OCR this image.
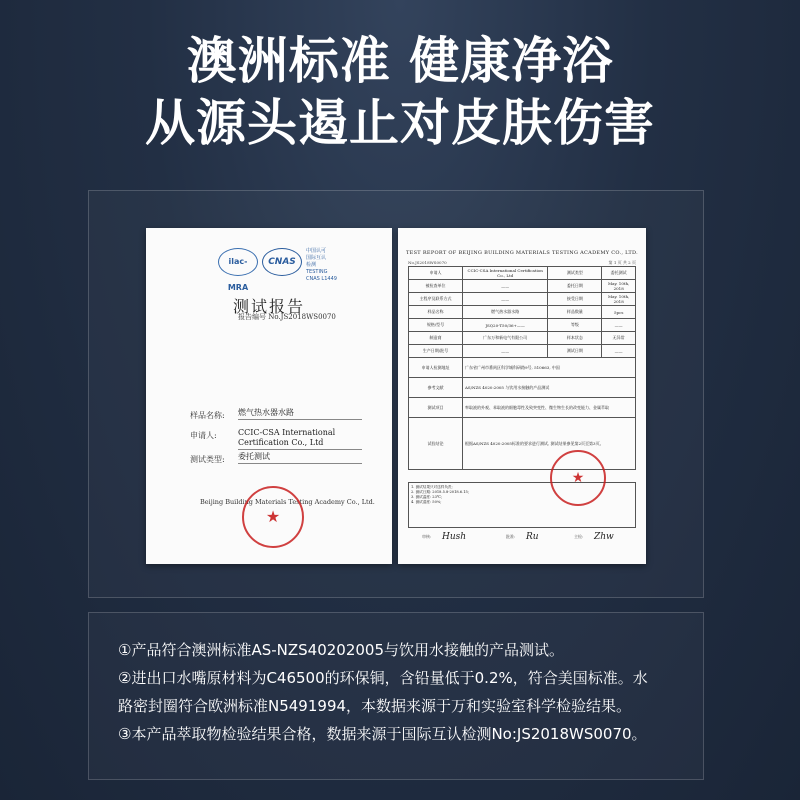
澳洲标准 健康净浴
从源头遏止对皮肤伤害
ilac-MRA
CNAS
中国认可
国际互认
检测
TESTING
CNAS L1449
测试报告
报告编号 No.JS2018WS0070
样品名称: 燃气热水器水路
申请人:	CCIC-CSA International Certification Co., Ltd
测试类型: 委托测试
Beijing Building Materials Testing Academy Co., Ltd.
★
TEST REPORT OF BEIJING BUILDING MATERIALS TESTING ACADEMY CO., LTD.
No.JS2018WS0070	第 1 页 共 2 页
申请人	CCIC-CSA International Certification Co., Ltd	测试类型	委托测试
被检查单位	——	委托日期	May. 10th, 2018
主程序及联系方式	——	接受日期	May. 10th, 2018
样品名称	燃气热水器水路	样品数量	5pcs
规格/型号	JSQ20-T50/36+——	等级	——
制造商	广东万和新电气有限公司	样本状态	无异常
生产日期/批号	——	测试日期	——
申请人检测地址	广东省广州市番禺区科学城科研路9号, 510663, 中国		
参考文献	AS/NZS 4020:2005 与饮用水接触的产品测试		
测试项目	率取液的外观、苯取液的细胞毒性及致突变性、微生物生长的改变能力、金属萃取		
试验结论	根据AS/NZS 4020:2005标准的要求进行测试, 测试结果参见第2页至第3页。		
1. 测试结果只对送样负责;
2. 测试日期: 2018.5.8-2018.6.15;
3. 测试温度: 23℃;
4. 测试湿度: 50%;
审核: Hush	批准: Ru	主检: Zhw
★

①产品符合澳洲标准AS-NZS40202005与饮用水接触的产品测试。

②进出口水嘴原材料为C46500的环保铜，含铅量低于0.2%，符合美国标准。水

路密封圈符合欧洲标准N5491994，本数据来源于万和实验室科学检验结果。

③本产品萃取物检验结果合格，数据来源于国际互认检测No:JS2018WS0070。
